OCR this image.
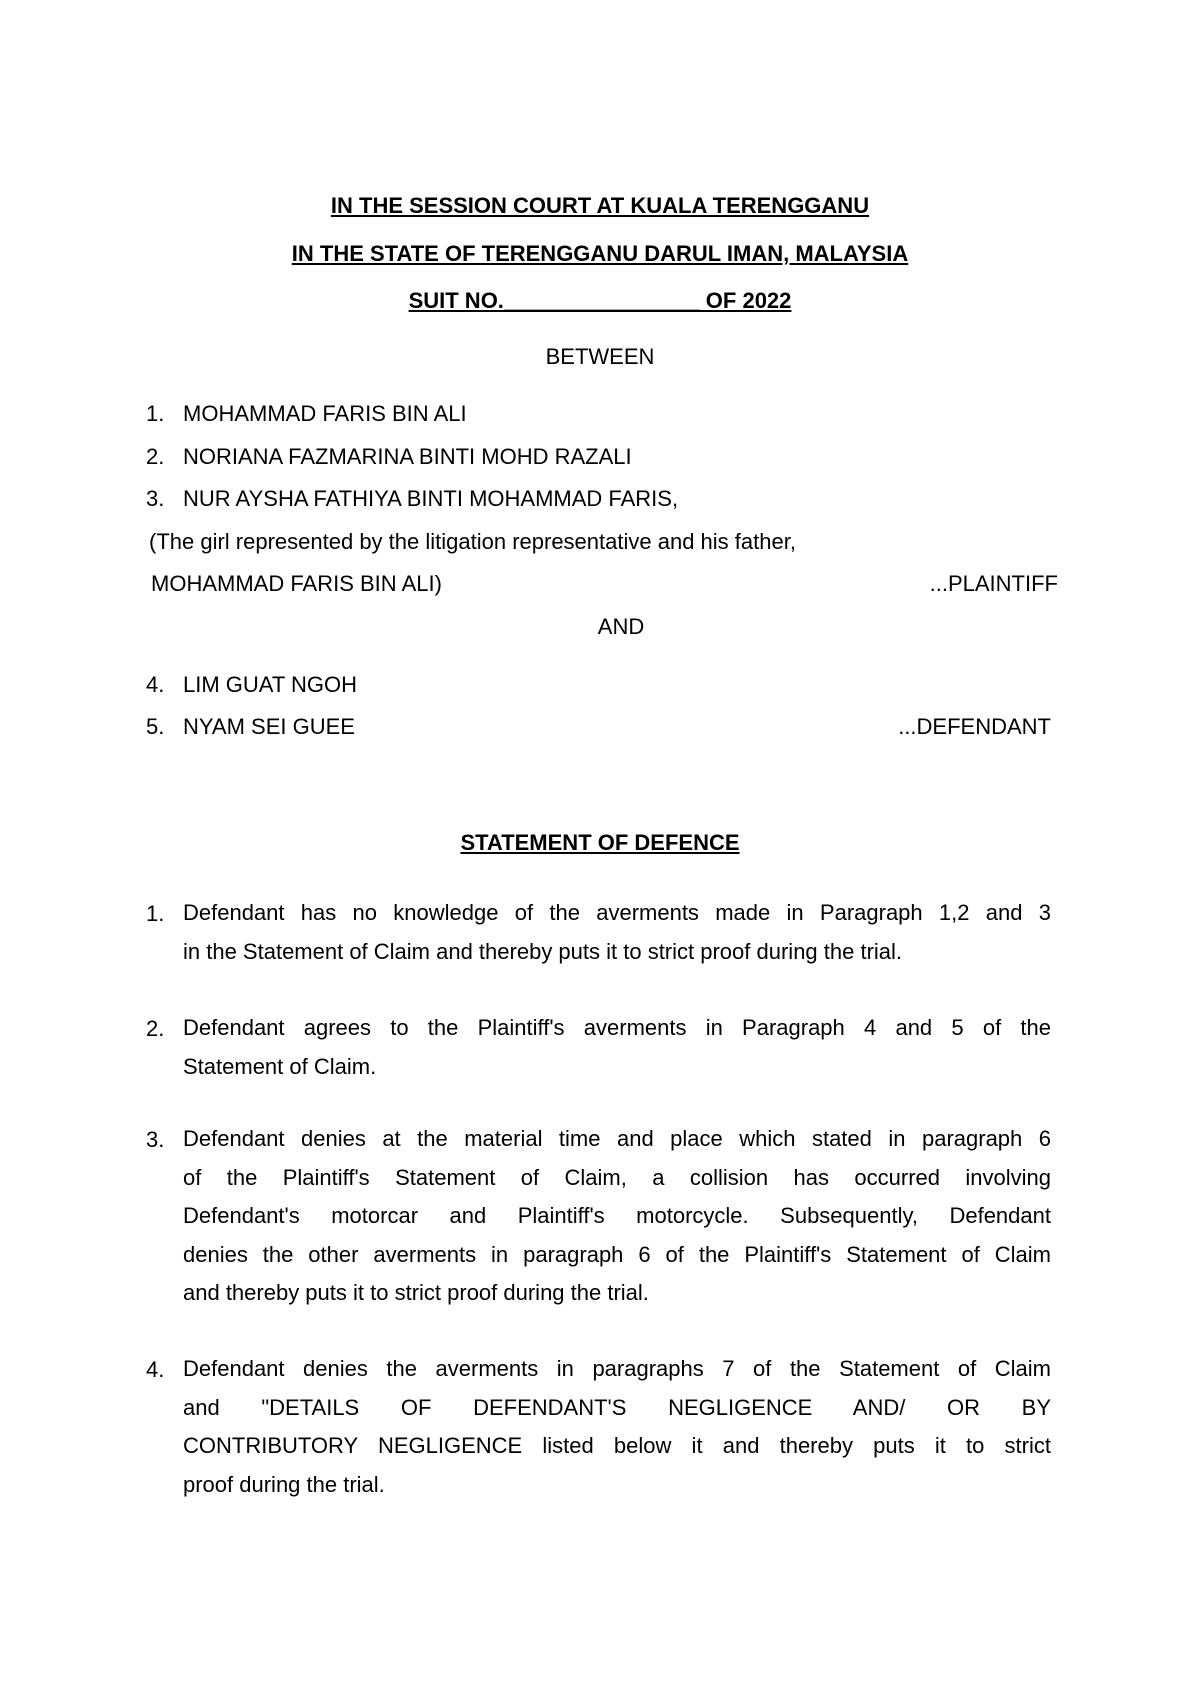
IN THE SESSION COURT AT KUALA TERENGGANU
IN THE STATE OF TERENGGANU DARUL IMAN, MALAYSIA
SUIT NO.________________ OF 2022
BETWEEN
1. MOHAMMAD FARIS BIN ALI
2. NORIANA FAZMARINA BINTI MOHD RAZALI
3. NUR AYSHA FATHIYA BINTI MOHAMMAD FARIS,
(The girl represented by the litigation representative and his father,
MOHAMMAD FARIS BIN ALI)	...PLAINTIFF
AND
4. LIM GUAT NGOH
5. NYAM SEI GUEE	...DEFENDANT
STATEMENT OF DEFENCE
1. Defendant has no knowledge of the averments made in Paragraph 1,2 and 3
in the Statement of Claim and thereby puts it to strict proof during the trial.
2. Defendant agrees to the Plaintiff's averments in Paragraph 4 and 5 of the
Statement of Claim.
3. Defendant denies at the material time and place which stated in paragraph 6
of the Plaintiff's Statement of Claim, a collision has occurred involving
Defendant's motorcar and Plaintiff's motorcycle. Subsequently, Defendant
denies the other averments in paragraph 6 of the Plaintiff's Statement of Claim
and thereby puts it to strict proof during the trial.
4. Defendant denies the averments in paragraphs 7 of the Statement of Claim
and "DETAILS OF DEFENDANT'S NEGLIGENCE AND/ OR BY
CONTRIBUTORY NEGLIGENCE listed below it and thereby puts it to strict
proof during the trial.
